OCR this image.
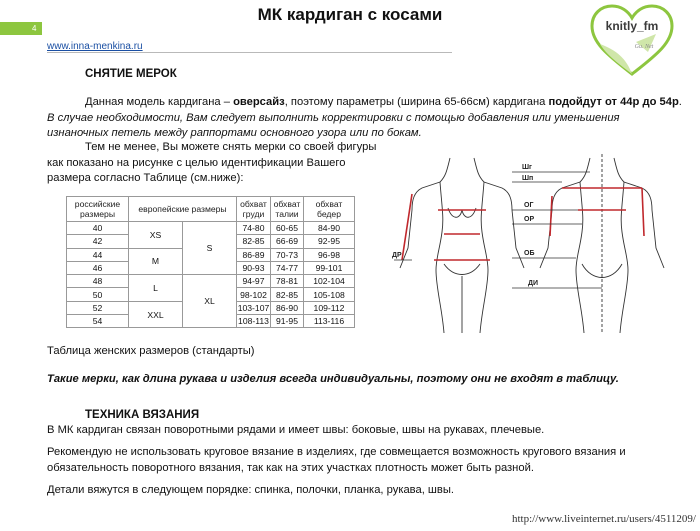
4
МК кардиган с косами
www.inna-menkina.ru
knitly_fm
Gu. Net
СНЯТИЕ МЕРОК
Данная модель кардигана – оверсайз, поэтому параметры (ширина 65-66см) кардигана подойдут от 44р до 54р. В случае необходимости, Вам следует выполнить корректировки с помощью добавления или уменьшения изнаночных петель между раппортами основного узора или по бокам.
Тем не менее, Вы можете снять мерки со своей фигуры как показано на рисунке с целью идентификации Вашего размера согласно Таблице (см.ниже):
российские размеры	европейские размеры		обхват груди	обхват талии	обхват бедер
40	XS	S	74-80	60-65	84-90
42			82-85	66-69	92-95
44	M		86-89	70-73	96-98
46			90-93	74-77	99-101
48	L	XL	94-97	78-81	102-104
50			98-102	82-85	105-108
52	XXL		103-107	86-90	109-112
54			108-113	91-95	113-116
Шг
Шп
ОГ
ОР
ОБ
ДР
ДИ
Таблица женских размеров (стандарты)
Такие мерки, как длина рукава и изделия всегда индивидуальны, поэтому они не входят в таблицу.
ТЕХНИКА ВЯЗАНИЯ
В МК кардиган связан поворотными рядами и имеет швы: боковые, швы на рукавах, плечевые.
Рекомендую не использовать круговое вязание в изделиях, где совмещается возможность кругового вязания и обязательность поворотного вязания, так как на этих участках плотность может быть разной.
Детали вяжутся в следующем порядке: спинка, полочки, планка, рукава, швы.
http://www.liveinternet.ru/users/4511209/
